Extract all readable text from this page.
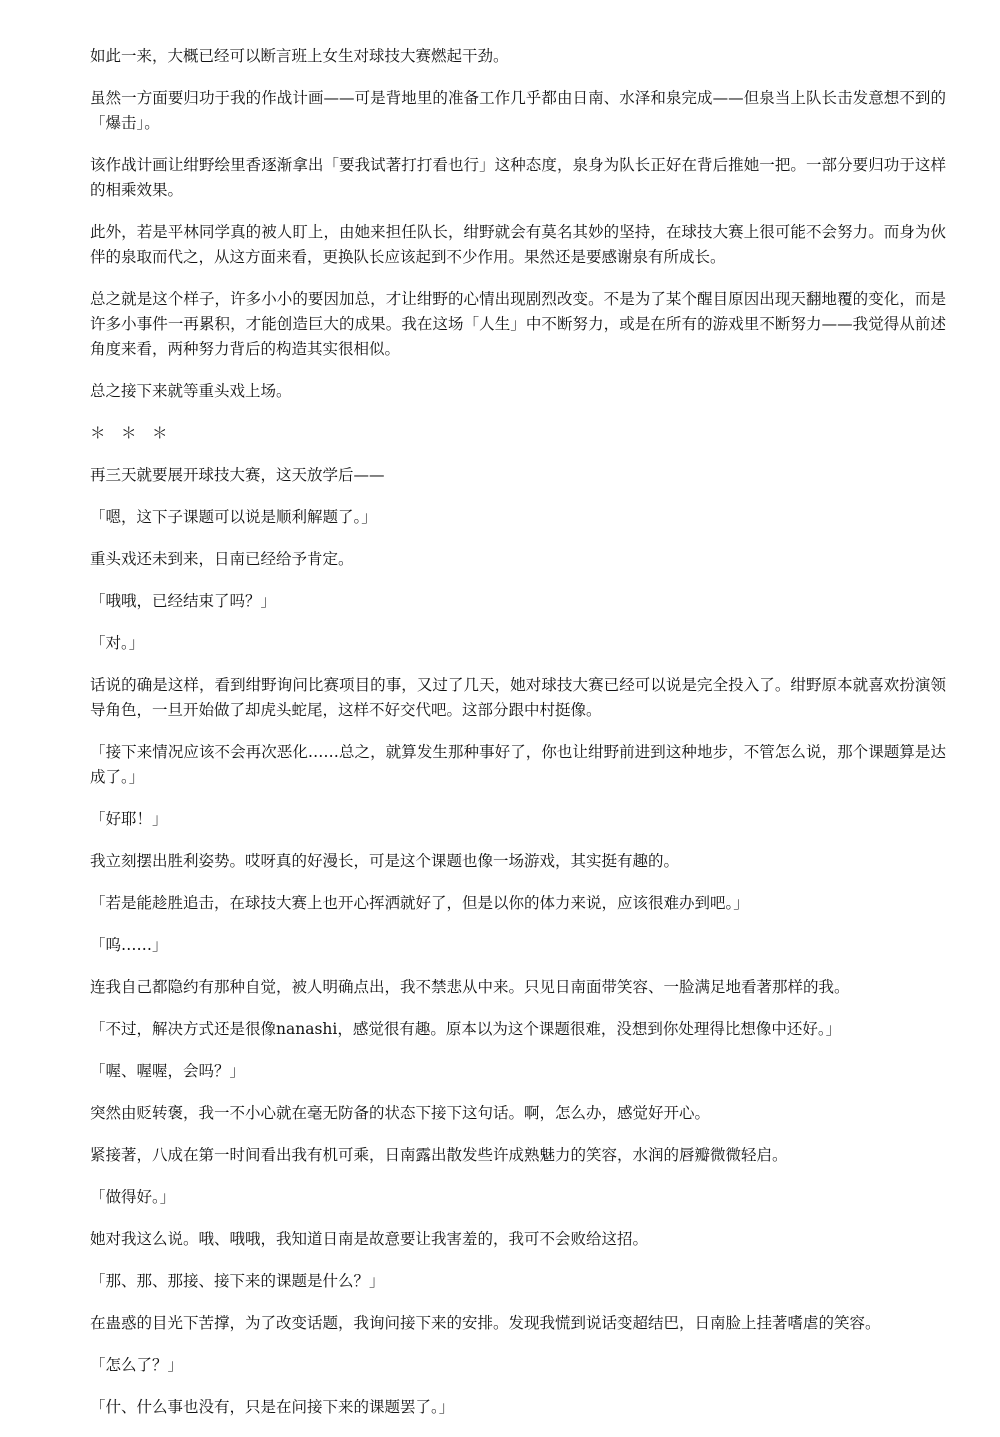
如此一来，大概已经可以断言班上女生对球技大赛燃起干劲。

虽然一方面要归功于我的作战计画——可是背地里的准备工作几乎都由日南、水泽和泉完成——但泉当上队长击发意想不到的「爆击」。

该作战计画让绀野绘里香逐渐拿出「要我试著打打看也行」这种态度，泉身为队长正好在背后推她一把。一部分要归功于这样的相乘效果。

此外，若是平林同学真的被人盯上，由她来担任队长，绀野就会有莫名其妙的坚持，在球技大赛上很可能不会努力。而身为伙伴的泉取而代之，从这方面来看，更换队长应该起到不少作用。果然还是要感谢泉有所成长。

总之就是这个样子，许多小小的要因加总，才让绀野的心情出现剧烈改变。不是为了某个醒目原因出现天翻地覆的变化，而是许多小事件一再累积，才能创造巨大的成果。我在这场「人生」中不断努力，或是在所有的游戏里不断努力——我觉得从前述角度来看，两种努力背后的构造其实很相似。

总之接下来就等重头戏上场。

＊　＊　＊

再三天就要展开球技大赛，这天放学后——

「嗯，这下子课题可以说是顺利解题了。」

重头戏还未到来，日南已经给予肯定。

「哦哦，已经结束了吗？」

「对。」

话说的确是这样，看到绀野询问比赛项目的事，又过了几天，她对球技大赛已经可以说是完全投入了。绀野原本就喜欢扮演领导角色，一旦开始做了却虎头蛇尾，这样不好交代吧。这部分跟中村挺像。

「接下来情况应该不会再次恶化……总之，就算发生那种事好了，你也让绀野前进到这种地步，不管怎么说，那个课题算是达成了。」

「好耶！」

我立刻摆出胜利姿势。哎呀真的好漫长，可是这个课题也像一场游戏，其实挺有趣的。

「若是能趁胜追击，在球技大赛上也开心挥洒就好了，但是以你的体力来说，应该很难办到吧。」

「呜……」

连我自己都隐约有那种自觉，被人明确点出，我不禁悲从中来。只见日南面带笑容、一脸满足地看著那样的我。

「不过，解决方式还是很像nanashi，感觉很有趣。原本以为这个课题很难，没想到你处理得比想像中还好。」

「喔、喔喔，会吗？」

突然由贬转褒，我一不小心就在毫无防备的状态下接下这句话。啊，怎么办，感觉好开心。

紧接著，八成在第一时间看出我有机可乘，日南露出散发些许成熟魅力的笑容，水润的唇瓣微微轻启。

「做得好。」

她对我这么说。哦、哦哦，我知道日南是故意要让我害羞的，我可不会败给这招。

「那、那、那接、接下来的课题是什么？」

在蛊惑的目光下苦撑，为了改变话题，我询问接下来的安排。发现我慌到说话变超结巴，日南脸上挂著嗜虐的笑容。

「怎么了？」

「什、什么事也没有，只是在问接下来的课题罢了。」
